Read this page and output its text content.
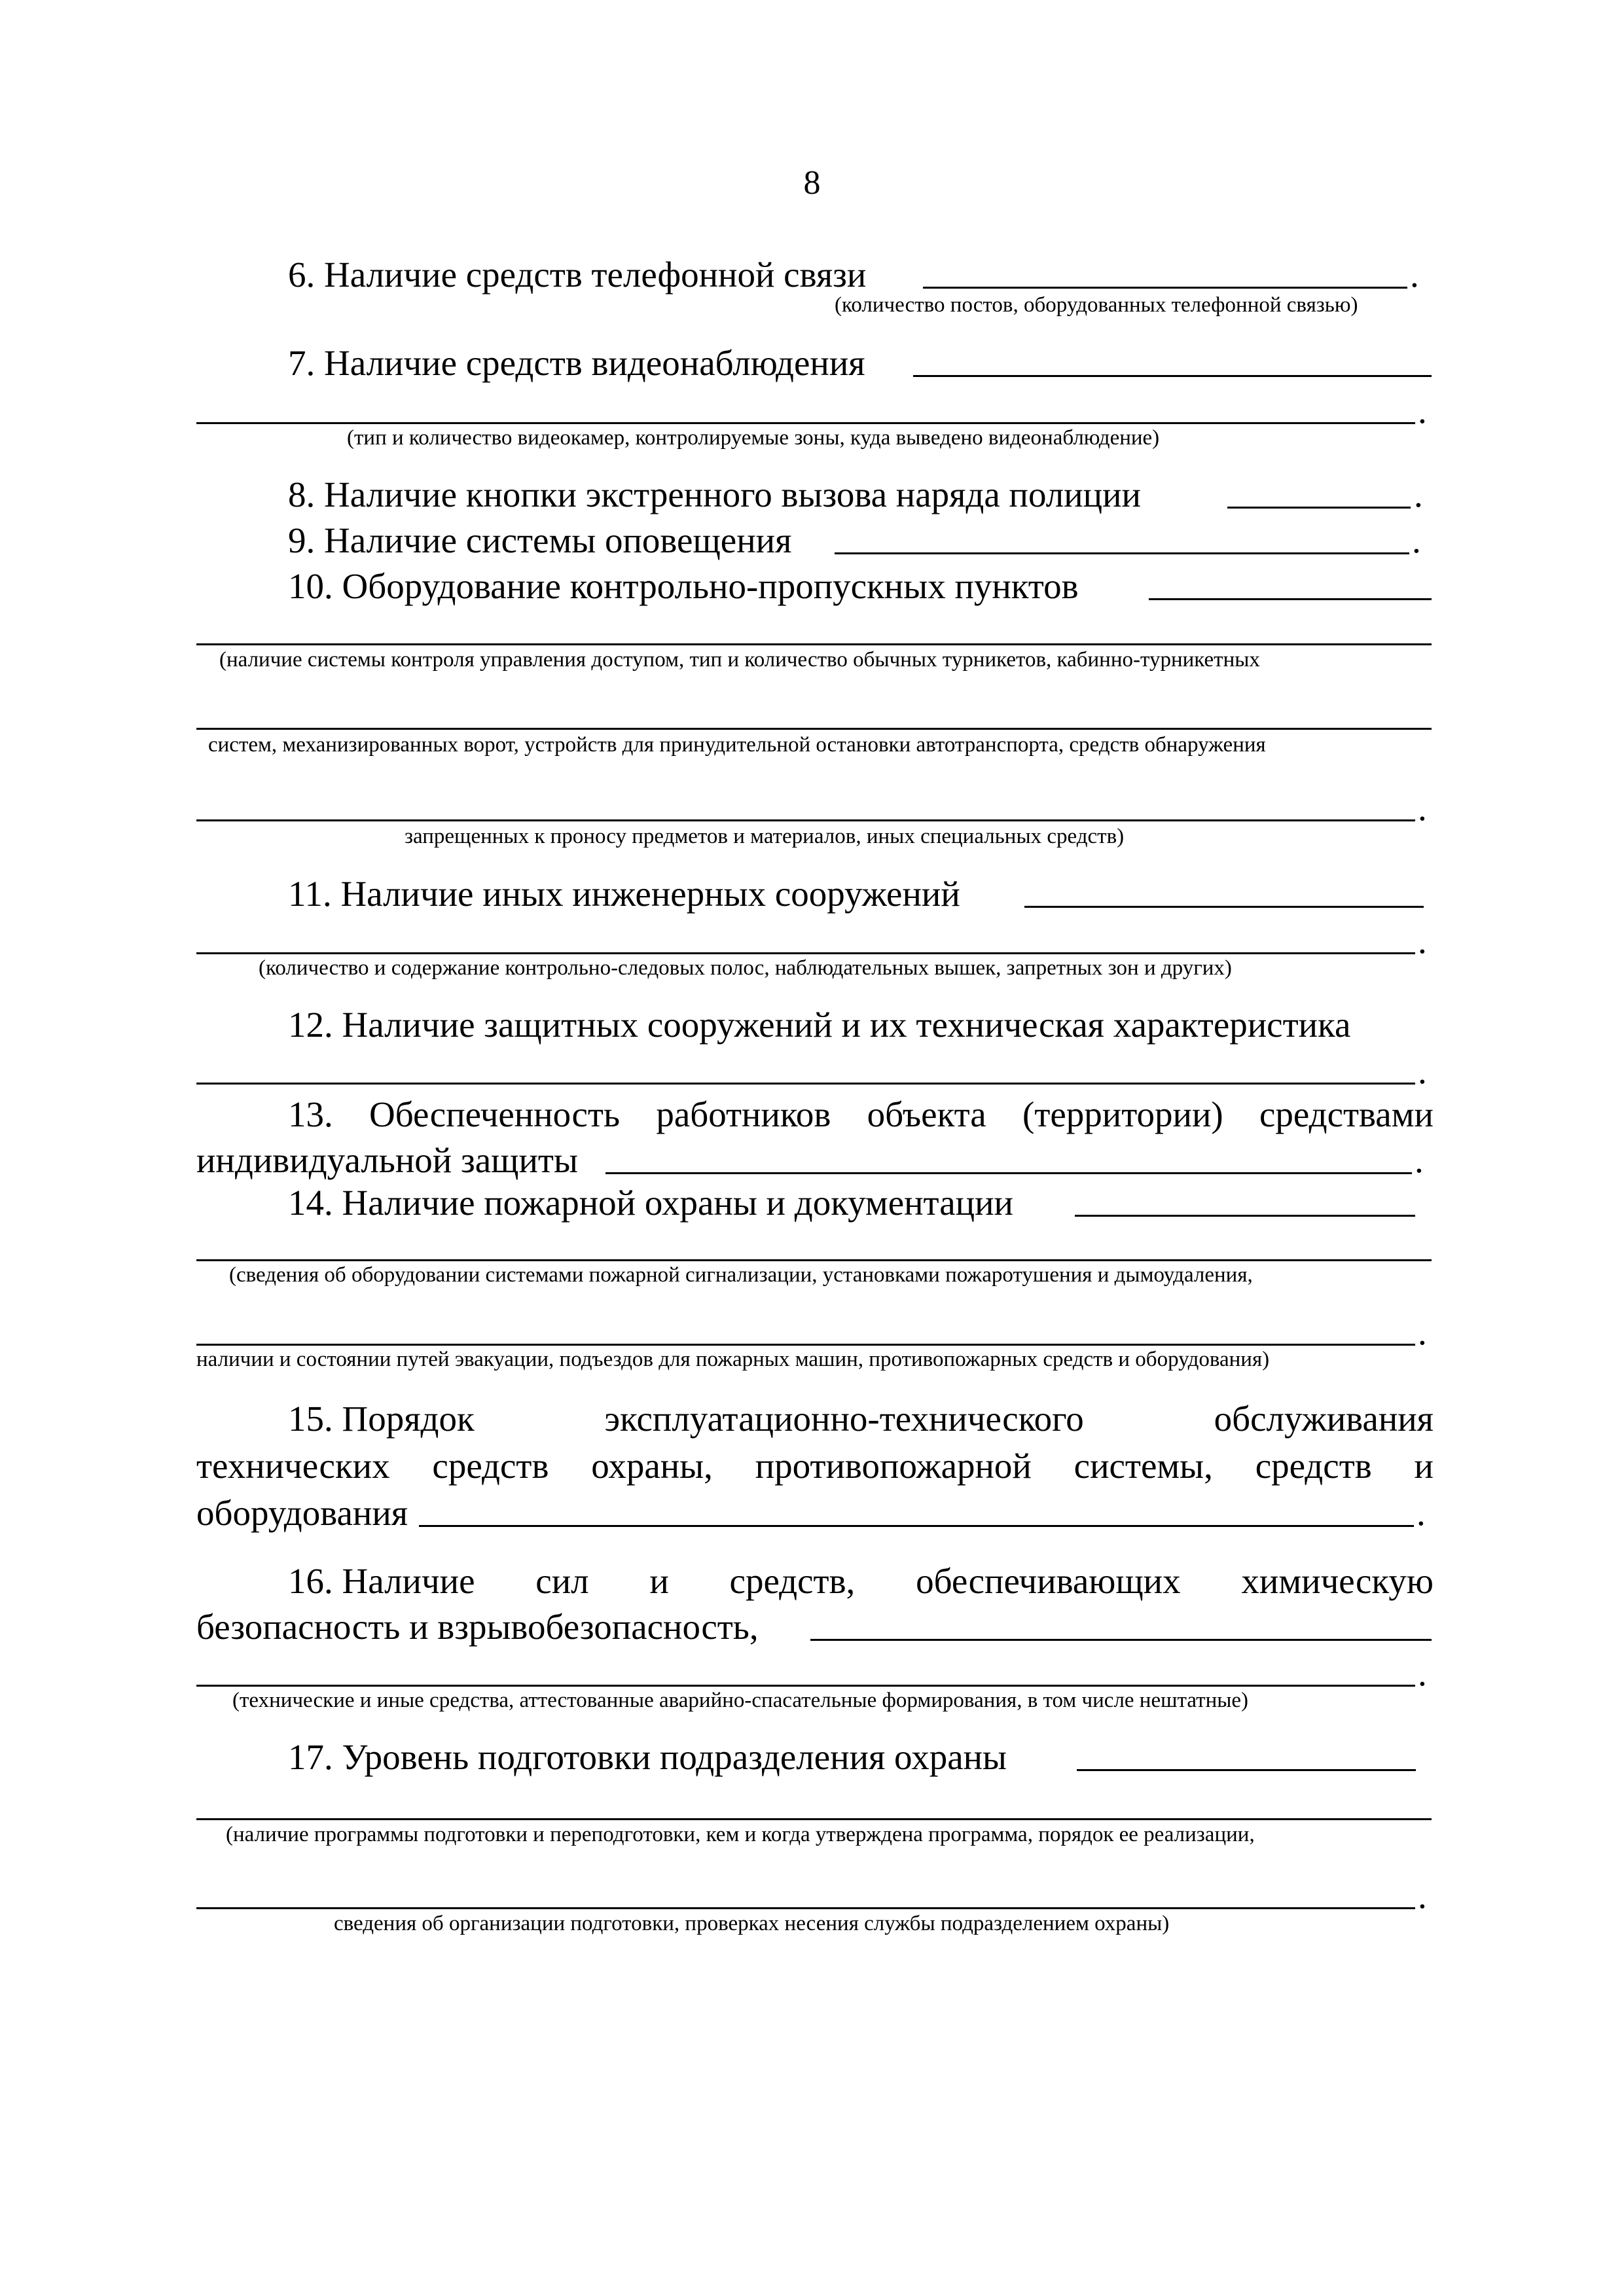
8
6. Наличие средств телефонной связи	.
(количество постов, оборудованных телефонной связью)
7. Наличие средств видеонаблюдения
.
(тип и количество видеокамер, контролируемые зоны, куда выведено видеонаблюдение)
8. Наличие кнопки экстренного вызова наряда полиции	.
9. Наличие системы оповещения	.
10. Оборудование контрольно-пропускных пунктов
(наличие системы контроля управления доступом, тип и количество обычных турникетов, кабинно-турникетных
систем, механизированных ворот, устройств для принудительной остановки автотранспорта, средств обнаружения
.
запрещенных к проносу предметов и материалов, иных специальных средств)
11. Наличие иных инженерных сооружений
.
(количество и содержание контрольно-следовых полос, наблюдательных вышек, запретных зон и других)
12. Наличие защитных сооружений и их техническая характеристика
.
13. Обеспеченность работников объекта (территории) средствами
индивидуальной защиты	.
14. Наличие пожарной охраны и документации
(сведения об оборудовании системами пожарной сигнализации, установками пожаротушения и дымоудаления,
.
наличии и состоянии путей эвакуации, подъездов для пожарных машин, противопожарных средств и оборудования)
15. Порядок	эксплуатационно-технического	обслуживания
технических средств охраны, противопожарной системы, средств и
оборудования	.
16. Наличие сил и средств, обеспечивающих химическую
безопасность и взрывобезопасность,
.
(технические и иные средства, аттестованные аварийно-спасательные формирования, в том числе нештатные)
17. Уровень подготовки подразделения охраны
(наличие программы подготовки и переподготовки, кем и когда утверждена программа, порядок ее реализации,
.
сведения об организации подготовки, проверках несения службы подразделением охраны)
